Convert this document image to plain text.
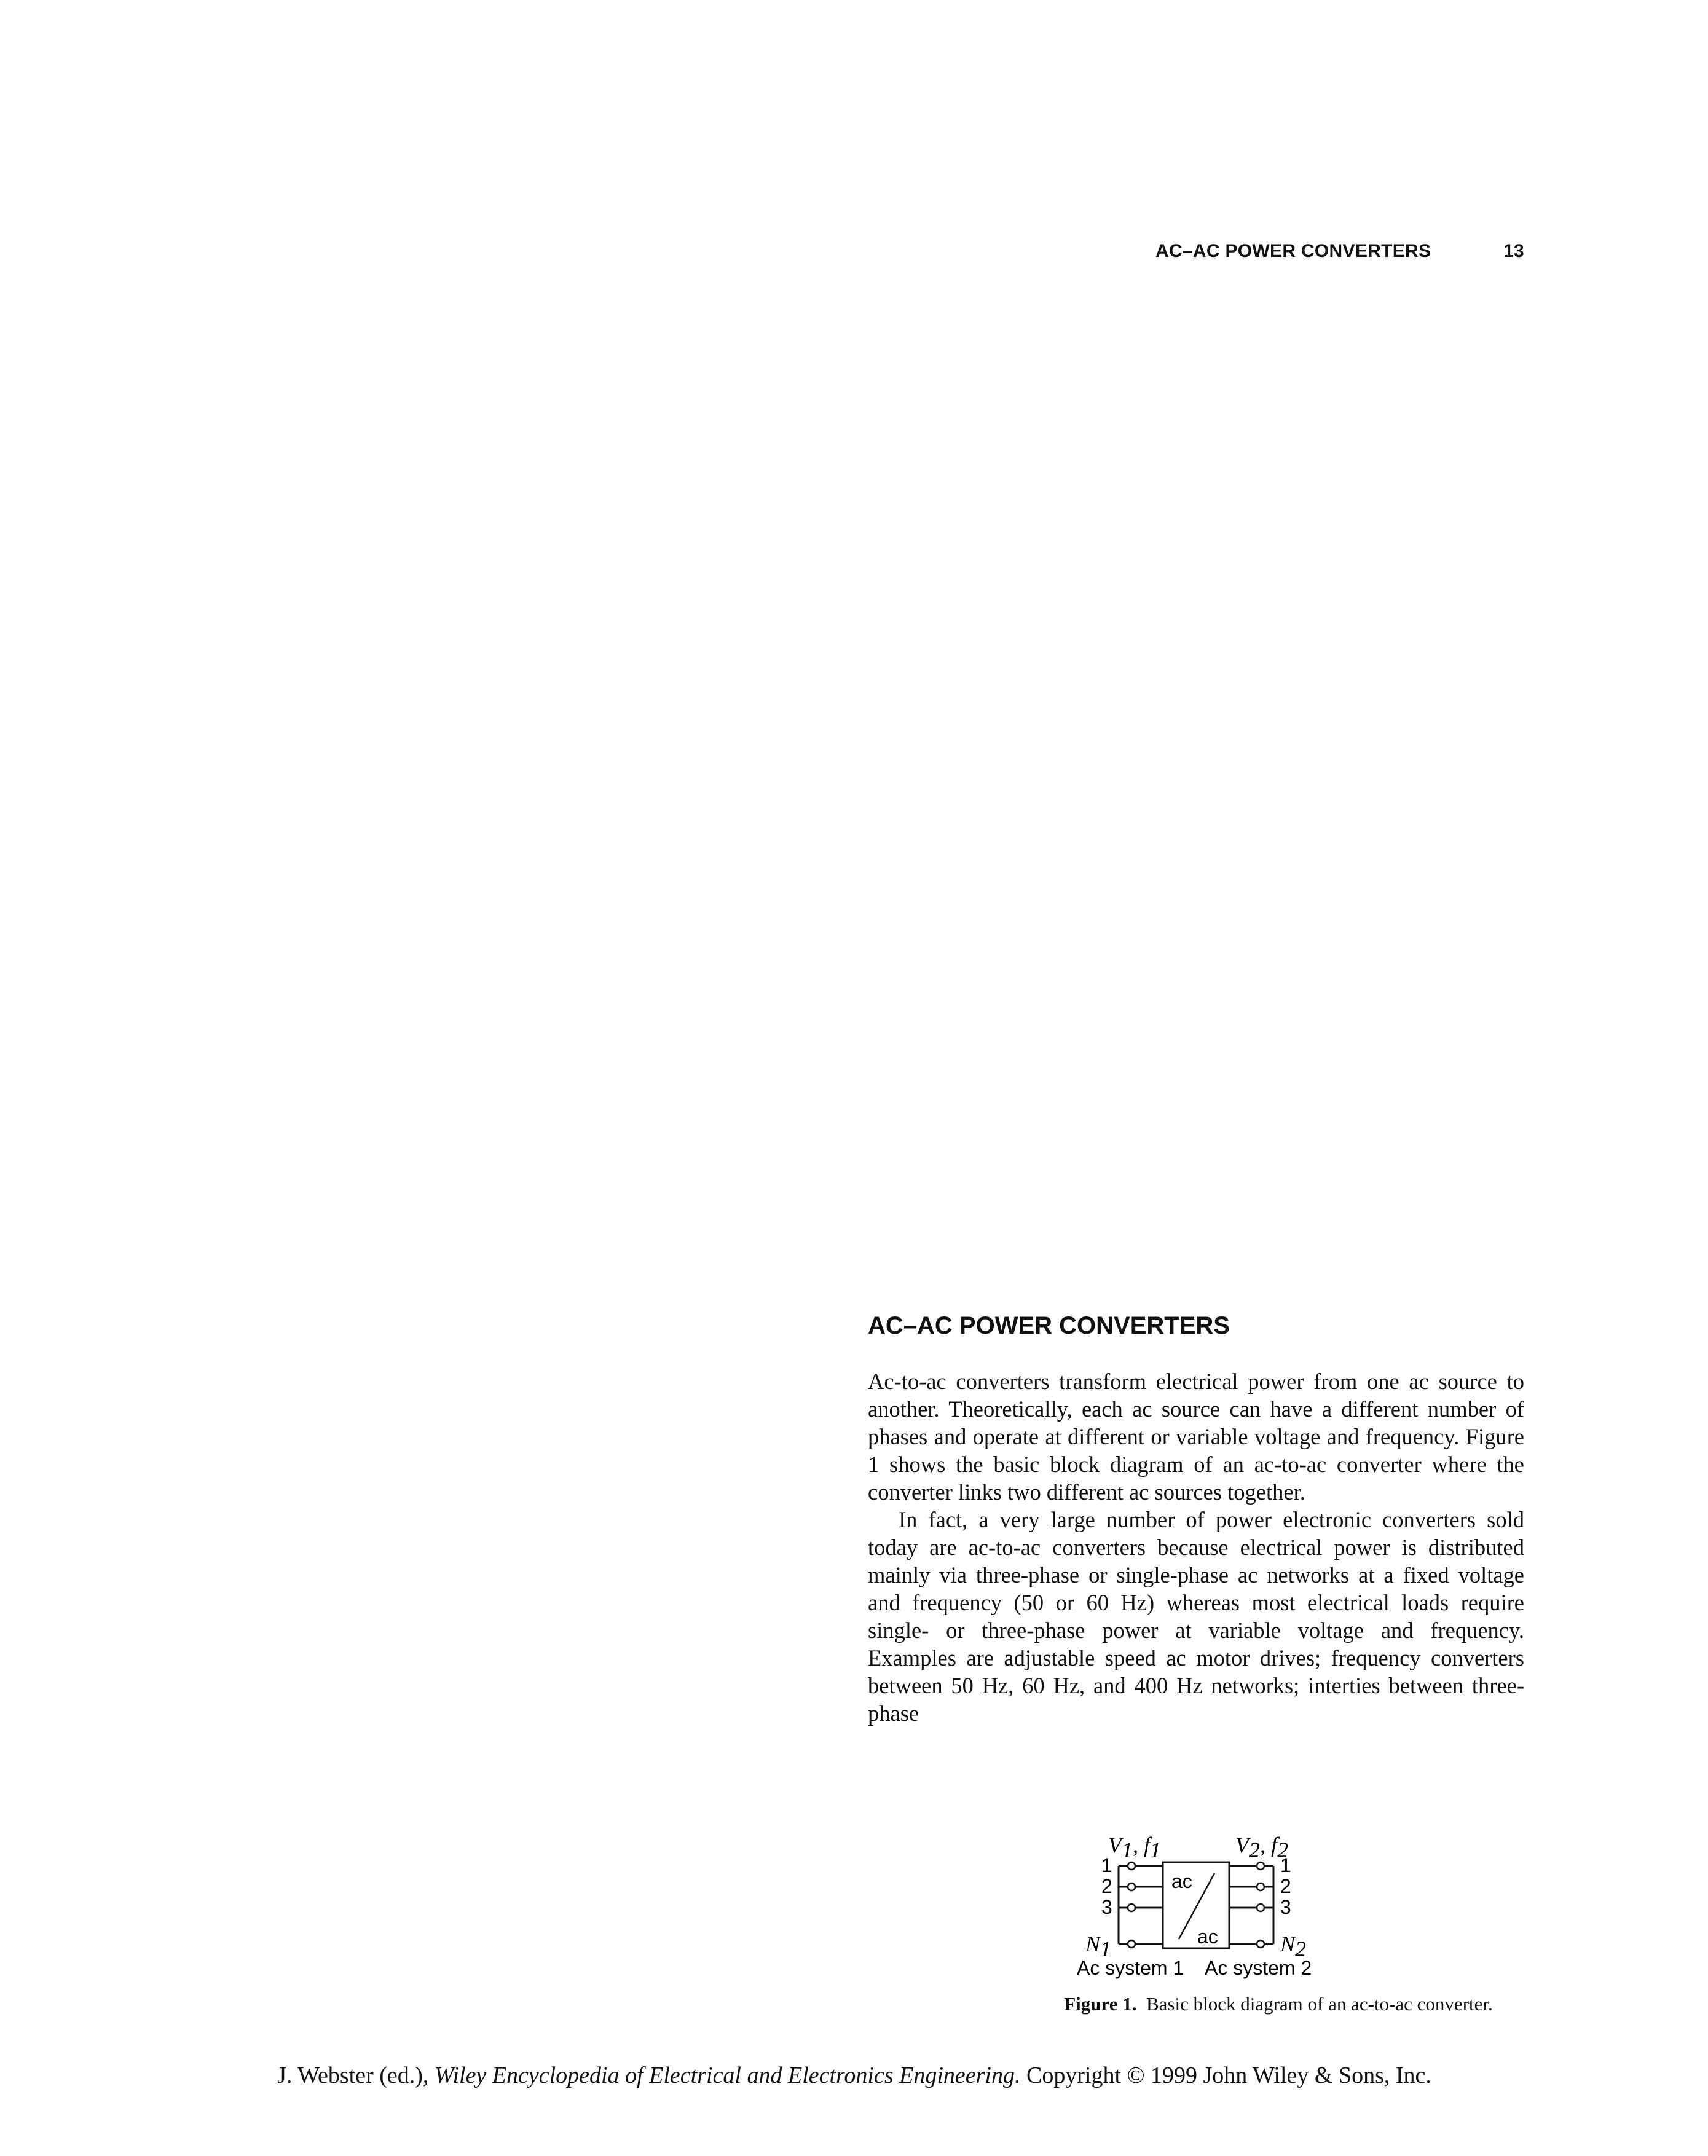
AC–AC POWER CONVERTERS	13
AC–AC POWER CONVERTERS

Ac-to-ac converters transform electrical power from one ac source to another. Theoretically, each ac source can have a different number of phases and operate at different or variable voltage and frequency. Figure 1 shows the basic block diagram of an ac-to-ac converter where the converter links two different ac sources together.

In fact, a very large number of power electronic converters sold today are ac-to-ac converters because electrical power is distributed mainly via three-phase or single-phase ac networks at a fixed voltage and frequency (50 or 60 Hz) whereas most electrical loads require single- or three-phase power at variable voltage and frequency. Examples are adjustable speed ac motor drives; frequency converters between 50 Hz, 60 Hz, and 400 Hz networks; interties between three-phase

V1, f1	V2, f2
ac
ac
1
2
3
N1
1
2
3
N2
Ac system 1 Ac system 2
Figure 1. Basic block diagram of an ac-to-ac converter.
J. Webster (ed.), Wiley Encyclopedia of Electrical and Electronics Engineering. Copyright © 1999 John Wiley & Sons, Inc.
